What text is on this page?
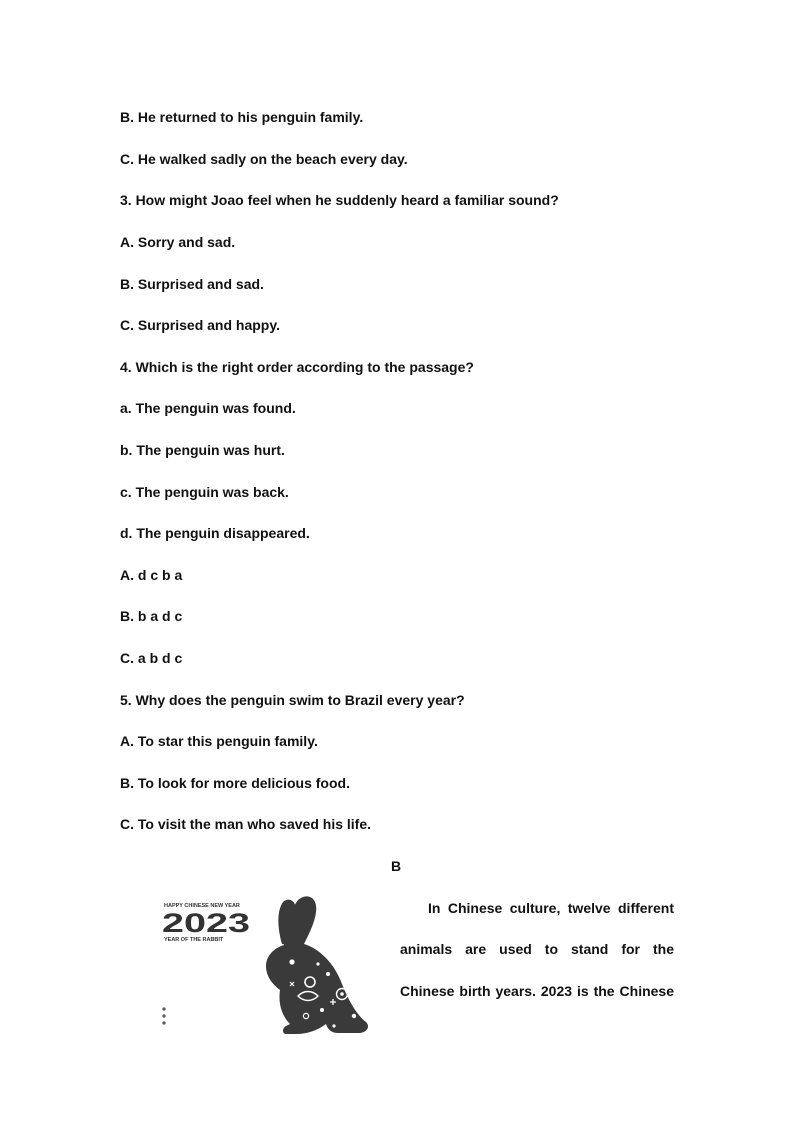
B. He returned to his penguin family.
C. He walked sadly on the beach every day.
3. How might Joao feel when he suddenly heard a familiar sound?
A. Sorry and sad.
B. Surprised and sad.
C. Surprised and happy.
4. Which is the right order according to the passage?
a. The penguin was found.
b. The penguin was hurt.
c. The penguin was back.
d. The penguin disappeared.
A. d c b a
B. b a d c
C. a b d c
5. Why does the penguin swim to Brazil every year?
A. To star this penguin family.
B. To look for more delicious food.
C. To visit the man who saved his life.
B
HAPPY CHINESE NEW YEAR
2023
YEAR OF THE RABBIT
In Chinese culture, twelve different
animals are used to stand for the
Chinese birth years. 2023 is the Chinese
